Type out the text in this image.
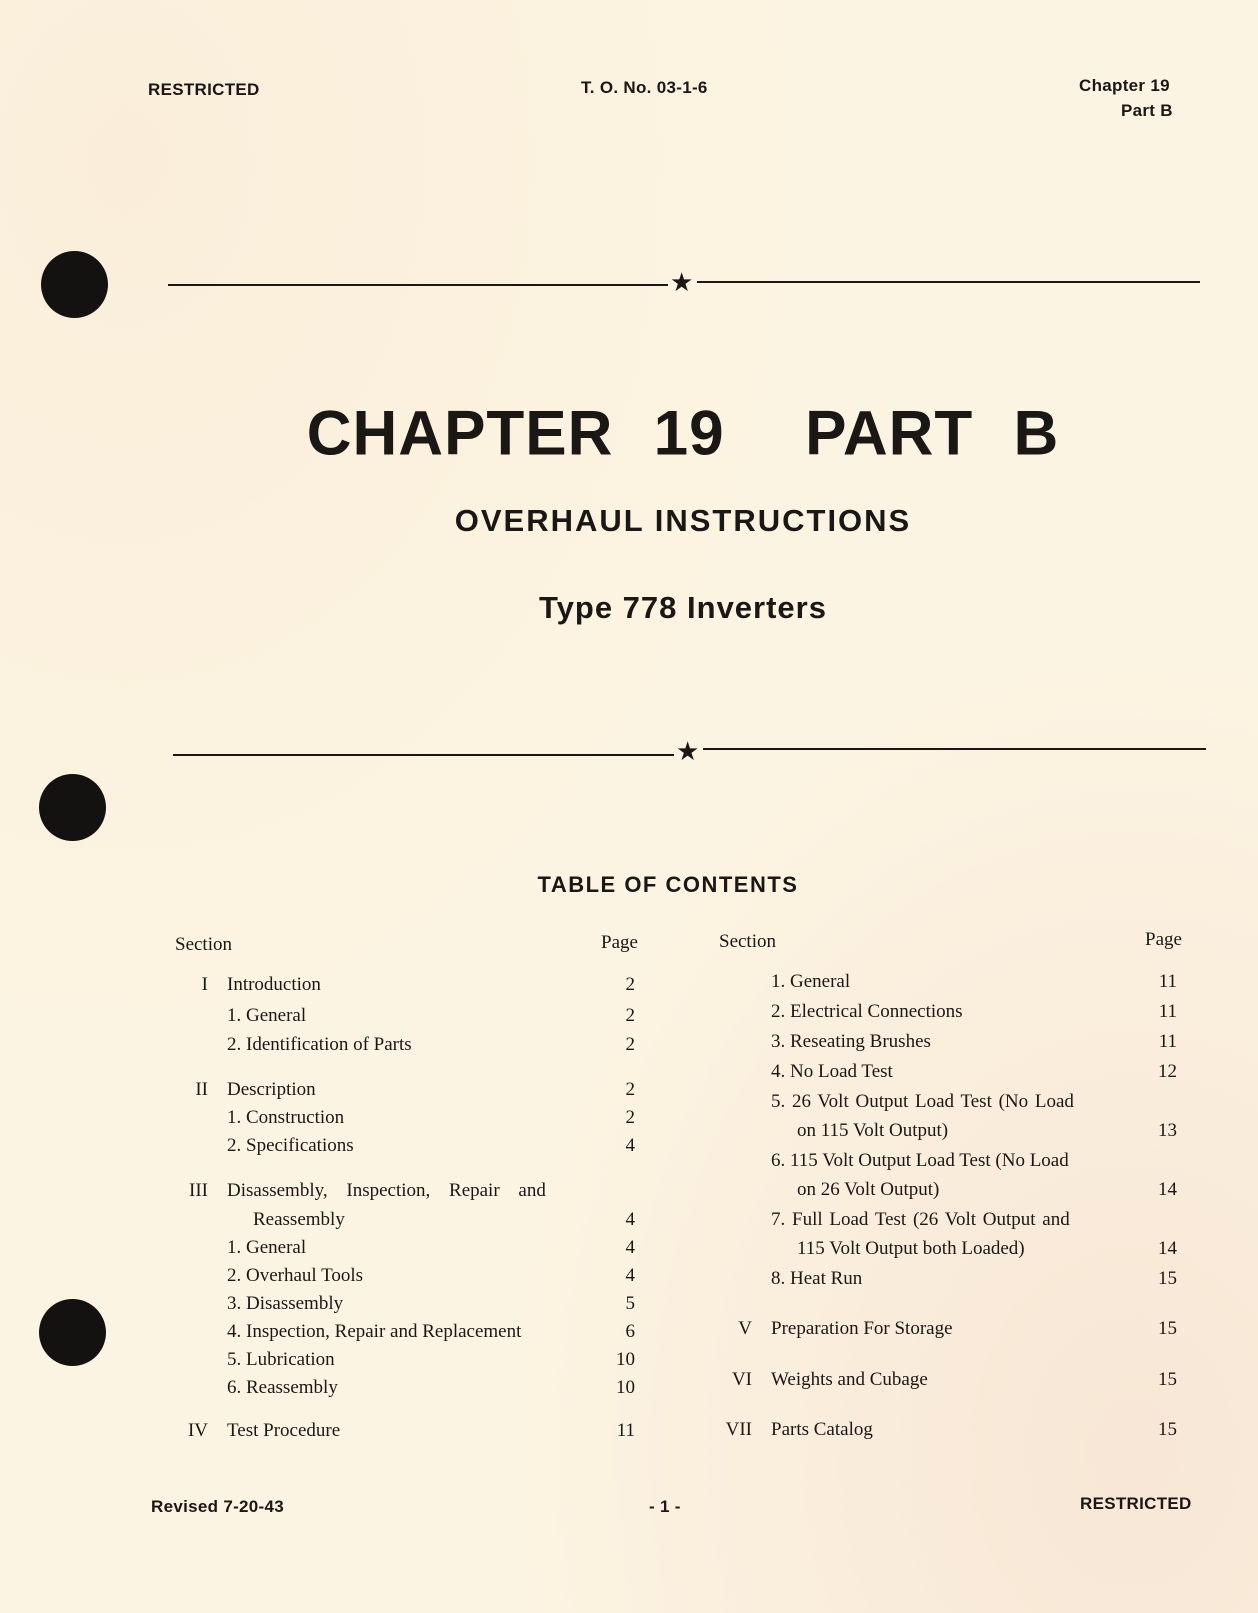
RESTRICTED	T. O. No. 03-1-6	Chapter 19
Part B
★
CHAPTER 19  PART B
OVERHAUL INSTRUCTIONS
Type 778 Inverters
★
TABLE OF CONTENTS
Section	Page	Section	Page
I Introduction	2
1. General	2
2. Identification of Parts	2
II Description	2
1. Construction	2
2. Specifications	4
III Disassembly, Inspection, Repair and
Reassembly	4
1. General	4
2. Overhaul Tools	4
3. Disassembly	5
4. Inspection, Repair and Replacement	6
5. Lubrication	10
6. Reassembly	10
IV Test Procedure	11
1. General	11
2. Electrical Connections	11
3. Reseating Brushes	11
4. No Load Test	12
5. 26 Volt Output Load Test (No Load
on 115 Volt Output)	13
6. 115 Volt Output Load Test (No Load
on 26 Volt Output)	14
7. Full Load Test (26 Volt Output and
115 Volt Output both Loaded)	14
8. Heat Run	15
V Preparation For Storage	15
VI Weights and Cubage	15
VII Parts Catalog	15
Revised 7-20-43	- 1 -	RESTRICTED
